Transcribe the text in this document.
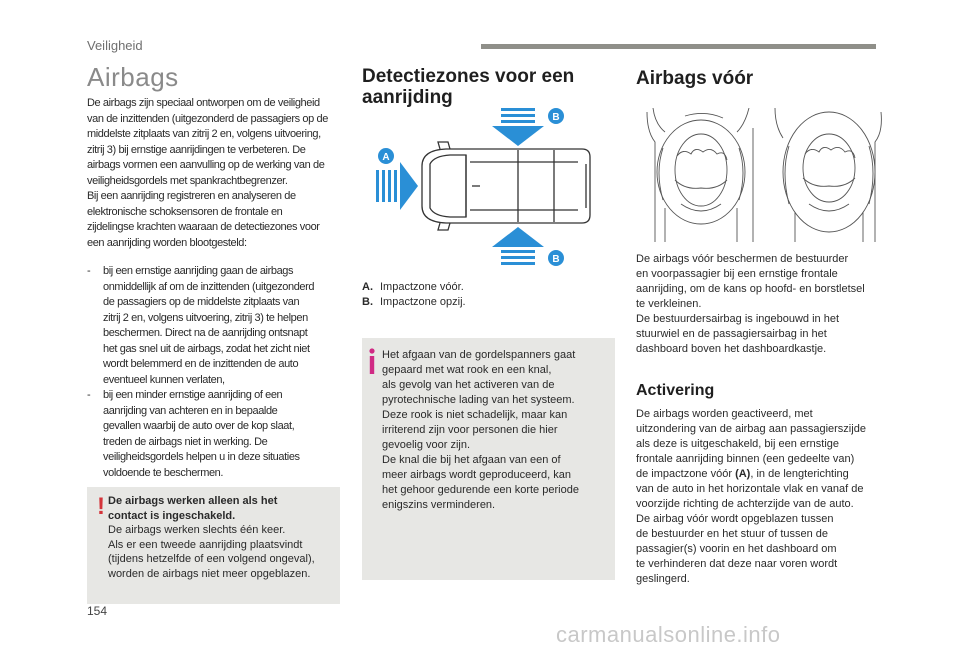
Veiligheid
Airbags
De airbags zijn speciaal ontworpen om de veiligheid
van de inzittenden (uitgezonderd de passagiers op de
middelste zitplaats van zitrij 2 en, volgens uitvoering,
zitrij 3) bij ernstige aanrijdingen te verbeteren. De
airbags vormen een aanvulling op de werking van de
veiligheidsgordels met spankrachtbegrenzer.
Bij een aanrijding registreren en analyseren de
elektronische schoksensoren de frontale en
zijdelingse krachten waaraan de detectiezones voor
een aanrijding worden blootgesteld:
- bij een ernstige aanrijding gaan de airbags
onmiddellijk af om de inzittenden (uitgezonderd
de passagiers op de middelste zitplaats van
zitrij 2 en, volgens uitvoering, zitrij 3) te helpen
beschermen. Direct na de aanrijding ontsnapt
het gas snel uit de airbags, zodat het zicht niet
wordt belemmerd en de inzittenden de auto
eventueel kunnen verlaten,
- bij een minder ernstige aanrijding of een
aanrijding van achteren en in bepaalde
gevallen waarbij de auto over de kop slaat,
treden de airbags niet in werking. De
veiligheidsgordels helpen u in deze situaties
voldoende te beschermen.
! De airbags werken alleen als het
contact is ingeschakeld.
De airbags werken slechts één keer.
Als er een tweede aanrijding plaatsvindt
(tijdens hetzelfde of een volgend ongeval),
worden de airbags niet meer opgeblazen.
Detectiezones voor een
aanrijding
A
B
B
A. Impactzone vóór.
B. Impactzone opzij.
Het afgaan van de gordelspanners gaat
gepaard met wat rook en een knal,
als gevolg van het activeren van de
pyrotechnische lading van het systeem.
Deze rook is niet schadelijk, maar kan
irriterend zijn voor personen die hier
gevoelig voor zijn.
De knal die bij het afgaan van een of
meer airbags wordt geproduceerd, kan
het gehoor gedurende een korte periode
enigszins verminderen.
Airbags vóór
De airbags vóór beschermen de bestuurder
en voorpassagier bij een ernstige frontale
aanrijding, om de kans op hoofd- en borstletsel
te verkleinen.
De bestuurdersairbag is ingebouwd in het
stuurwiel en de passagiersairbag in het
dashboard boven het dashboardkastje.
Activering
De airbags worden geactiveerd, met
uitzondering van de airbag aan passagierszijde
als deze is uitgeschakeld, bij een ernstige
frontale aanrijding binnen (een gedeelte van)
de impactzone vóór (A), in de lengterichting
van de auto in het horizontale vlak en vanaf de
voorzijde richting de achterzijde van de auto.
De airbag vóór wordt opgeblazen tussen
de bestuurder en het stuur of tussen de
passagier(s) voorin en het dashboard om
te verhinderen dat deze naar voren wordt
geslingerd.
154
carmanualsonline.info
